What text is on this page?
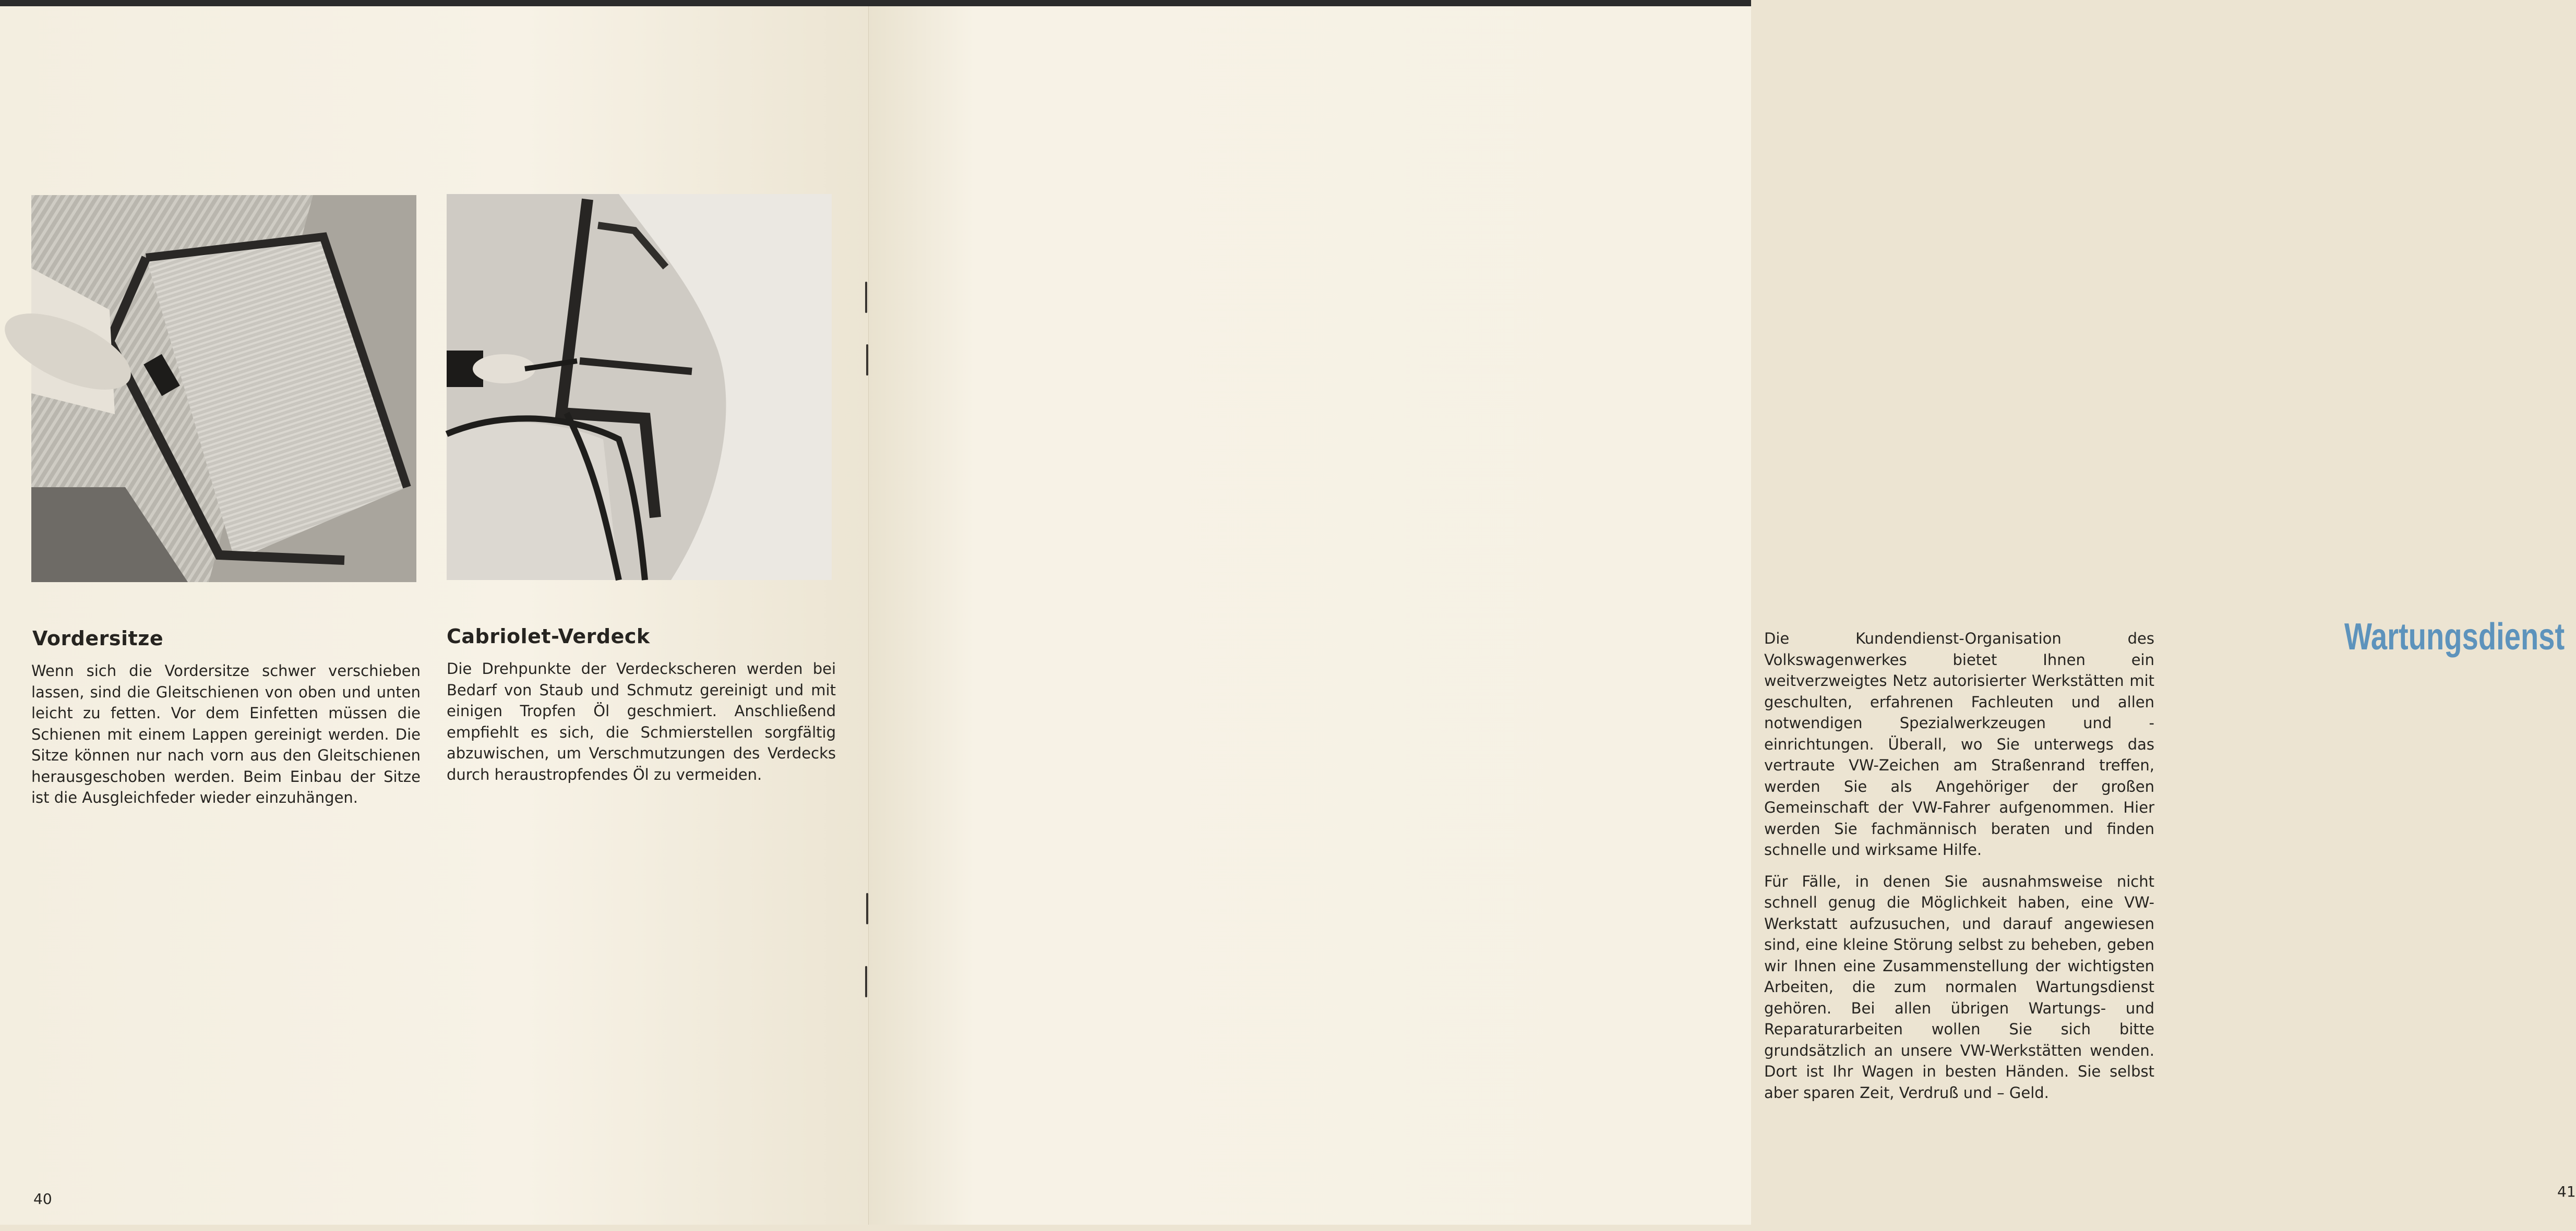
Vordersitze

Wenn sich die Vordersitze schwer verschieben lassen, sind die Gleitschienen von oben und unten leicht zu fetten. Vor dem Einfetten müssen die Schienen mit einem Lappen gereinigt werden. Die Sitze können nur nach vorn aus den Gleitschienen herausgeschoben werden. Beim Einbau der Sitze ist die Ausgleichfeder wieder einzuhängen.

Cabriolet-Verdeck

Die Drehpunkte der Verdeckscheren werden bei Bedarf von Staub und Schmutz gereinigt und mit einigen Tropfen Öl geschmiert. Anschließend empfiehlt es sich, die Schmierstellen sorgfältig abzuwischen, um Verschmutzungen des Verdecks durch heraustropfendes Öl zu vermeiden.

40

Die Kundendienst-Organisation des Volkswagenwerkes bietet Ihnen ein weitverzweigtes Netz autorisierter Werkstätten mit geschulten, erfahrenen Fachleuten und allen notwendigen Spezialwerkzeugen und -einrichtungen. Überall, wo Sie unterwegs das vertraute VW-Zeichen am Straßenrand treffen, werden Sie als Angehöriger der großen Gemeinschaft der VW-Fahrer aufgenommen. Hier werden Sie fachmännisch beraten und finden schnelle und wirksame Hilfe.

Für Fälle, in denen Sie ausnahmsweise nicht schnell genug die Möglichkeit haben, eine VW-Werkstatt aufzusuchen, und darauf angewiesen sind, eine kleine Störung selbst zu beheben, geben wir Ihnen eine Zusammenstellung der wichtigsten Arbeiten, die zum normalen Wartungsdienst gehören. Bei allen übrigen Wartungs- und Reparaturarbeiten wollen Sie sich bitte grundsätzlich an unsere VW-Werkstätten wenden. Dort ist Ihr Wagen in besten Händen. Sie selbst aber sparen Zeit, Verdruß und – Geld.

Wartungsdienst
41
